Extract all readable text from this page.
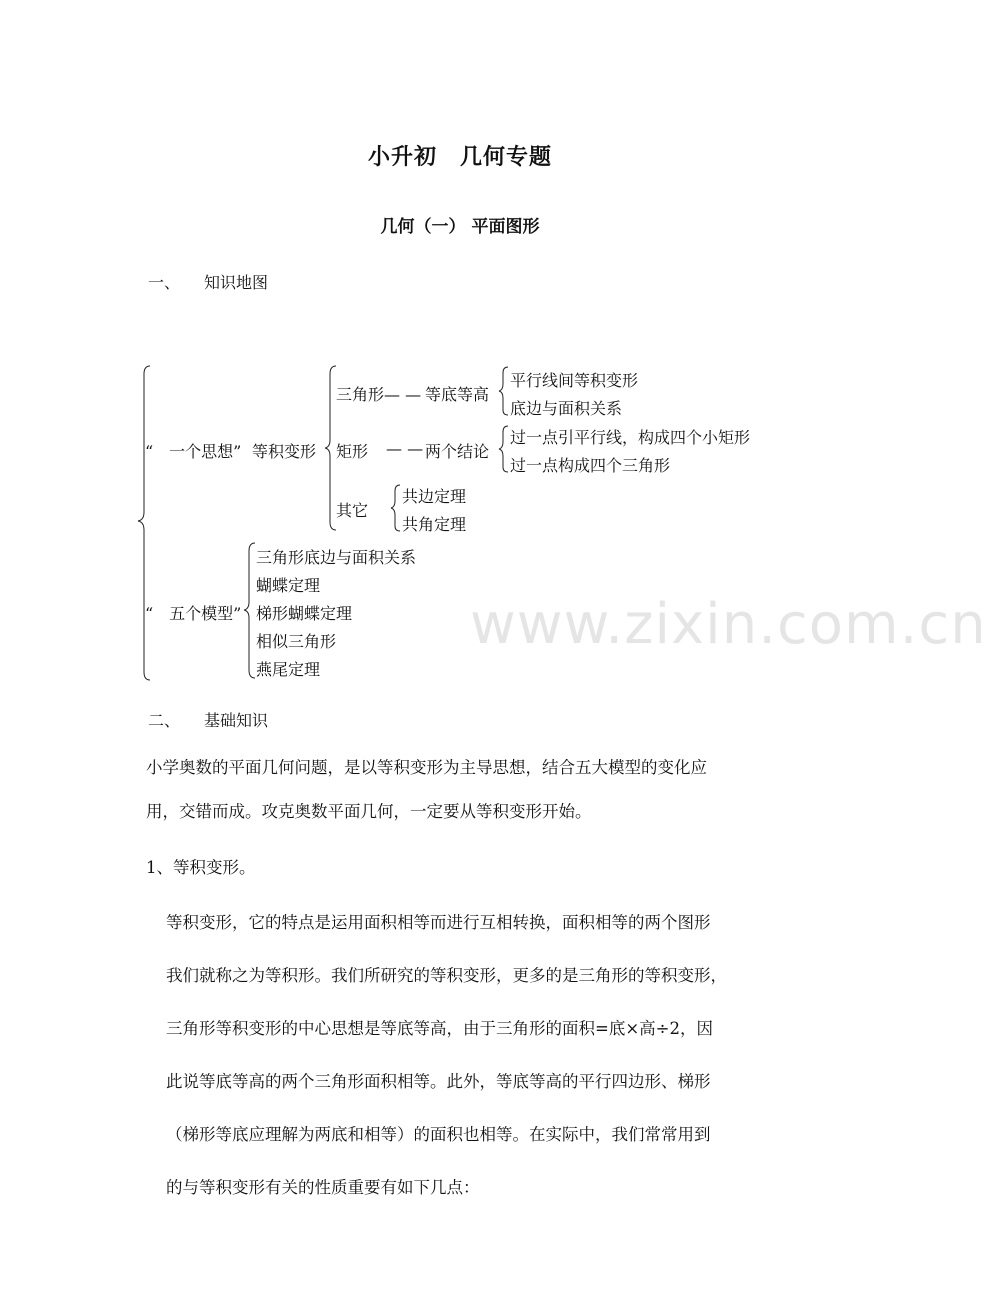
小升初　几何专题
几何（一） 平面图形
一、 知识地图
“　一个思想” 等积变形
三角形— — 等底等高
平行线间等积变形
底边与面积关系
矩形 — — 两个结论
过一点引平行线，构成四个小矩形
过一点构成四个三角形
其它
共边定理
共角定理
“　五个模型”
三角形底边与面积关系
蝴蝶定理
梯形蝴蝶定理
相似三角形
燕尾定理
www.zixin.com.cn
二、 基础知识
小学奥数的平面几何问题，是以等积变形为主导思想，结合五大模型的变化应
用，交错而成。攻克奥数平面几何，一定要从等积变形开始。
1、等积变形。
等积变形，它的特点是运用面积相等而进行互相转换，面积相等的两个图形
我们就称之为等积形。我们所研究的等积变形，更多的是三角形的等积变形，
三角形等积变形的中心思想是等底等高，由于三角形的面积=底×高÷2，因
此说等底等高的两个三角形面积相等。此外，等底等高的平行四边形、梯形
（梯形等底应理解为两底和相等）的面积也相等。在实际中，我们常常用到
的与等积变形有关的性质重要有如下几点：
